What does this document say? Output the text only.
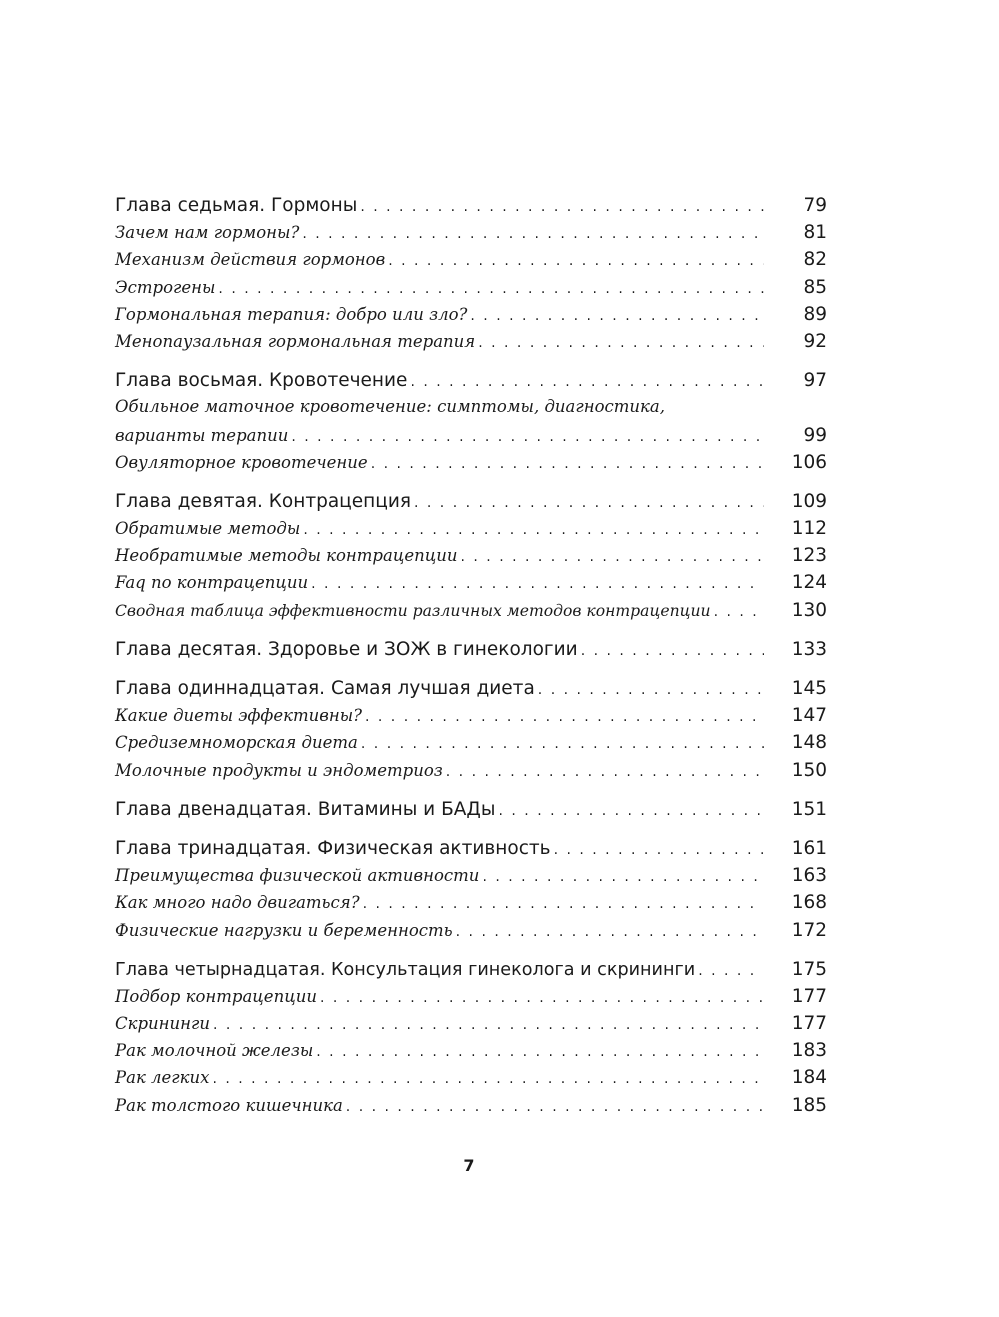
Глава седьмая. Гормоны . . .	79
Зачем нам гормоны? . . .	81
Механизм действия гормонов . . .	82
Эстрогены . . .	85
Гормональная терапия: добро или зло? . . .	89
Менопаузальная гормональная терапия . . .	92
Глава восьмая. Кровотечение . . .	97
Обильное маточное кровотечение: симптомы, диагностика,
варианты терапии . . .	99
Овуляторное кровотечение . . .	106
Глава девятая. Контрацепция . . .	109
Обратимые методы . . .	112
Необратимые методы контрацепции . . .	123
Faq по контрацепции . . .	124
Сводная таблица эффективности различных методов контрацепции . . .	130
Глава десятая. Здоровье и ЗОЖ в гинекологии . . .	133
Глава одиннадцатая. Самая лучшая диета . . .	145
Какие диеты эффективны? . . .	147
Средиземноморская диета . . .	148
Молочные продукты и эндометриоз . . .	150
Глава двенадцатая. Витамины и БАДы . . .	151
Глава тринадцатая. Физическая активность . . .	161
Преимущества физической активности . . .	163
Как много надо двигаться? . . .	168
Физические нагрузки и беременность . . .	172
Глава четырнадцатая. Консультация гинеколога и скрининги . . .	175
Подбор контрацепции . . .	177
Скрининги . . .	177
Рак молочной железы . . .	183
Рак легких . . .	184
Рак толстого кишечника . . .	185
7
